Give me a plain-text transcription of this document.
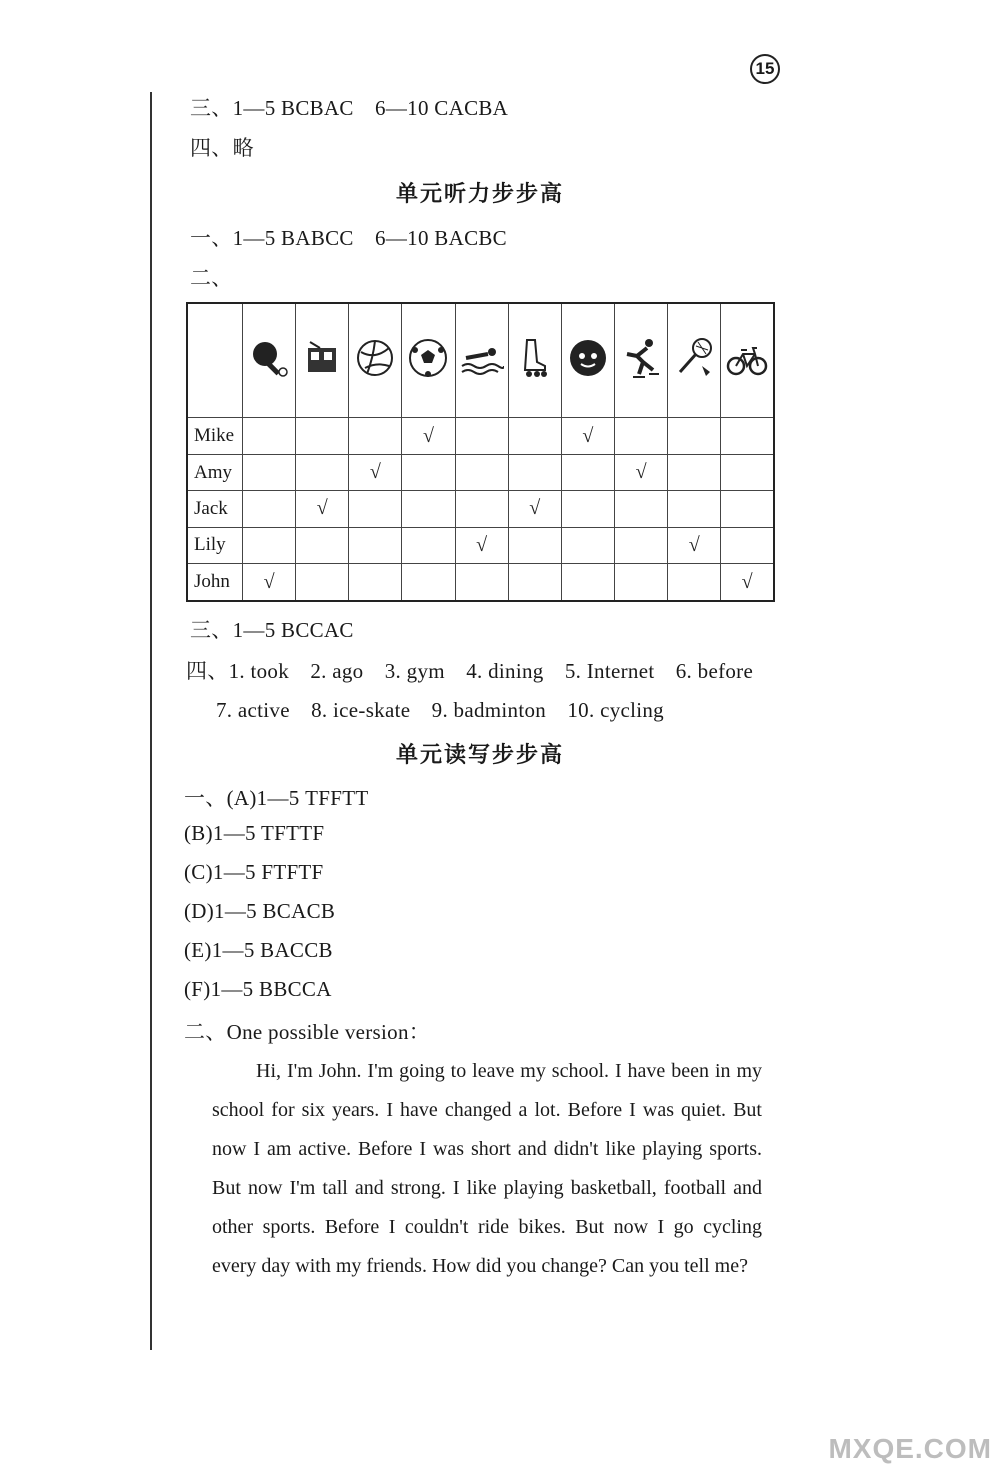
15
三、1—5 BCBAC　6—10 CACBA
四、略
单元听力步步高
一、1—5 BABCC　6—10 BACBC
二、

Mike				√			√			
Amy			√					√		
Jack		√				√				
Lily					√				√	
John	√									√
三、1—5 BCCAC
四、1. took　2. ago　3. gym　4. dining　5. Internet　6. before
7. active　8. ice-skate　9. badminton　10. cycling
单元读写步步高
一、(A)1—5 TFFTT
(B)1—5 TFTTF
(C)1—5 FTFTF
(D)1—5 BCACB
(E)1—5 BACCB
(F)1—5 BBCCA
二、One possible version：
Hi, I'm John. I'm going to leave my school. I have been in my school for six years. I have changed a lot. Before I was quiet. But now I am active. Before I was short and didn't like playing sports. But now I'm tall and strong. I like playing basketball, football and other sports. Before I couldn't ride bikes. But now I go cycling every day with my friends. How did you change? Can you tell me?
MXQE.COM
